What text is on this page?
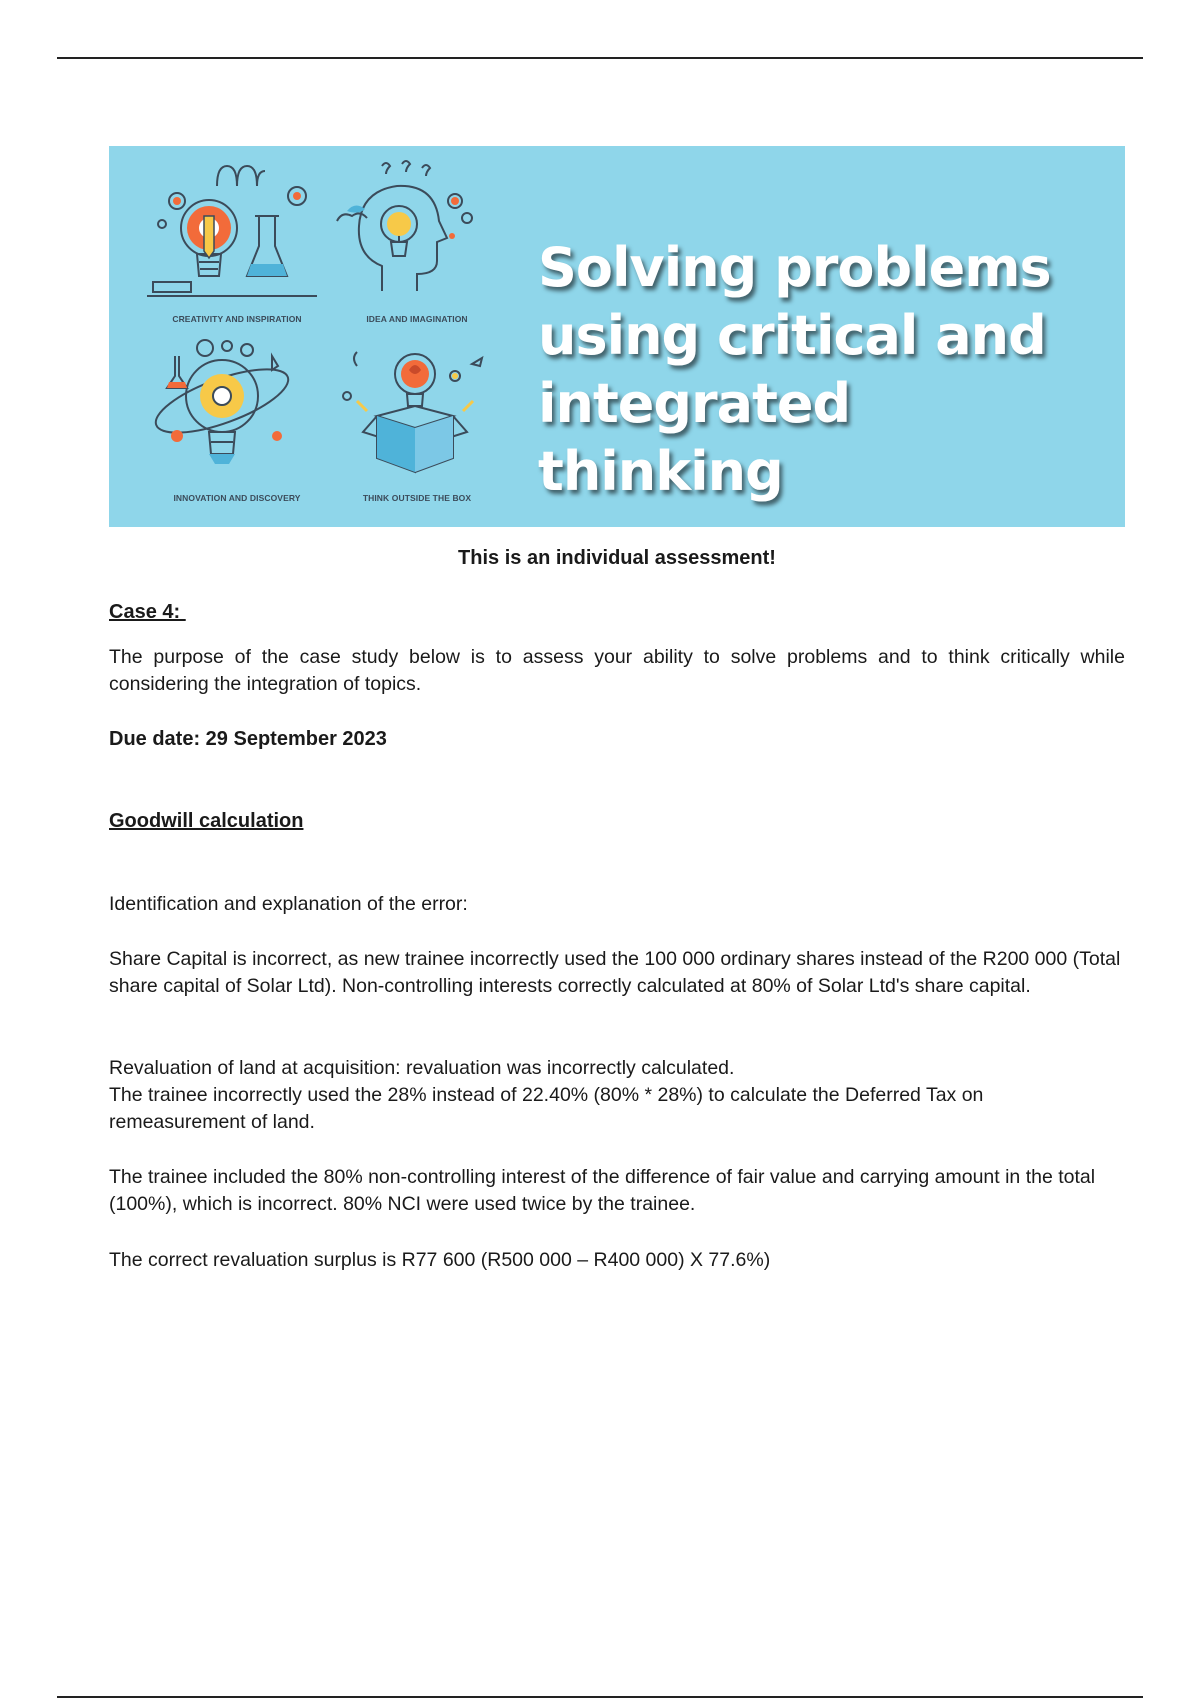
CREATIVITY AND INSPIRATION	IDEA AND IMAGINATION
INNOVATION AND DISCOVERY	THINK OUTSIDE THE BOX
Solving problems using critical and integrated thinking
This is an individual assessment!
Case 4:
The purpose of the case study below is to assess your ability to solve problems and to think critically while considering the integration of topics.
Due date: 29 September 2023
Goodwill calculation
Identification and explanation of the error:
Share Capital is incorrect, as new trainee incorrectly used the 100 000 ordinary shares instead of the R200 000 (Total share capital of Solar Ltd). Non-controlling interests correctly calculated at 80% of Solar Ltd's share capital.
Revaluation of land at acquisition: revaluation was incorrectly calculated.
The trainee incorrectly used the 28% instead of 22.40% (80% * 28%) to calculate the Deferred Tax on remeasurement of land.
The trainee included the 80% non-controlling interest of the difference of fair value and carrying amount in the total (100%), which is incorrect. 80% NCI were used twice by the trainee.
The correct revaluation surplus is R77 600 (R500 000 – R400 000) X 77.6%)
